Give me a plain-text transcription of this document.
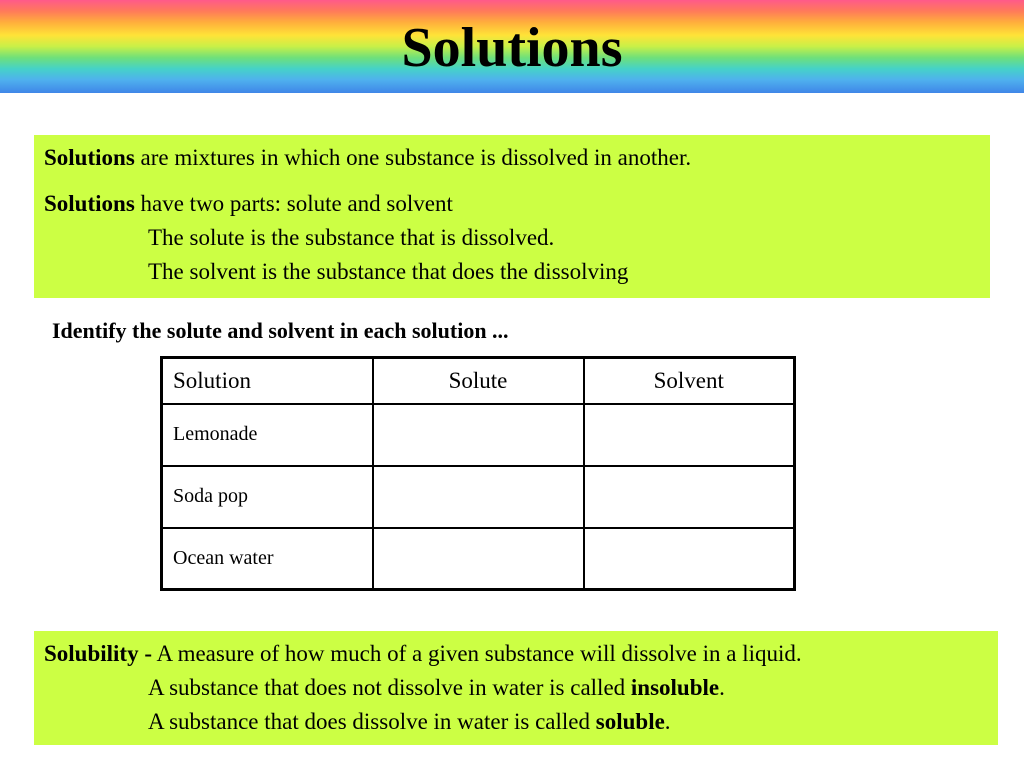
Solutions

Solutions are mixtures in which one substance is dissolved in another.

Solutions have two parts: solute and solvent

The solute is the substance that is dissolved.

The solvent is the substance that does the dissolving

Identify the solute and solvent in each solution ...

Solution	Solute	Solvent
Lemonade		
Soda pop		
Ocean water		

Solubility - A measure of how much of a given substance will dissolve in a liquid.

A substance that does not dissolve in water is called insoluble.

A substance that does dissolve in water is called soluble.
